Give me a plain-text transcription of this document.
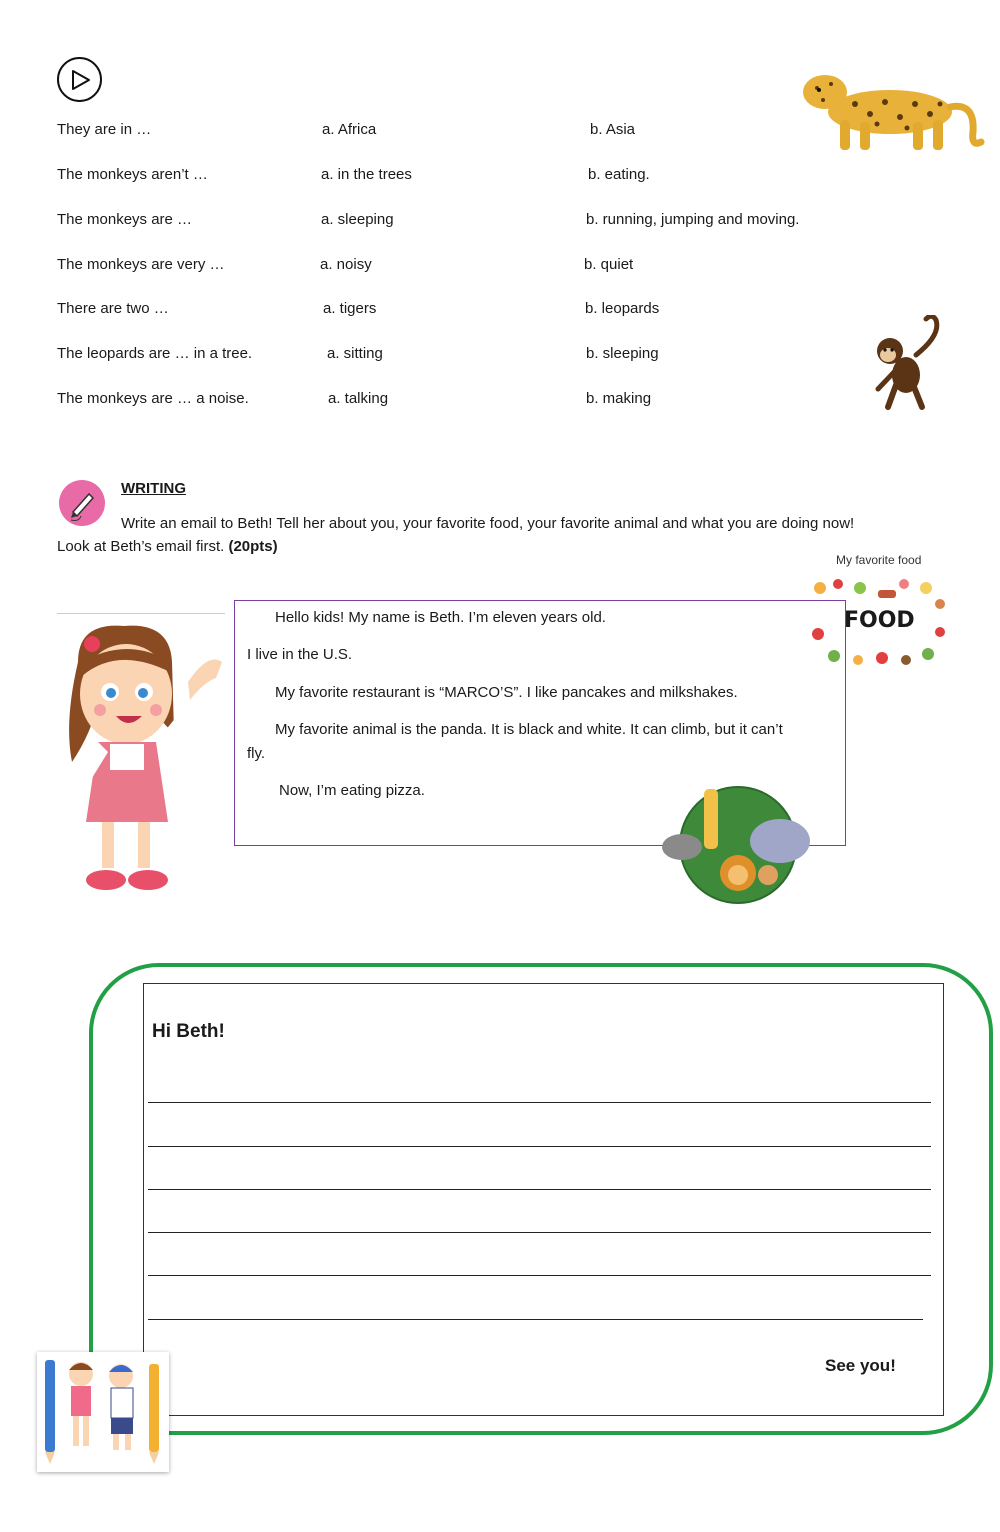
They are in …	a. Africa	b. Asia
The monkeys aren’t …	a. in the trees	b. eating.
The monkeys are …	a. sleeping	b. running, jumping and moving.
The monkeys are very …	a. noisy	b. quiet
There are two …	a. tigers	b. leopards
The leopards are … in a tree.	a. sitting	b. sleeping
The monkeys are … a noise.	a. talking	b. making
WRITING
Write an email to Beth! Tell her about you, your favorite food, your favorite animal and what you are doing now!
Look at Beth’s email first. (20pts)
My favorite food
FOOD
Hello kids! My name is Beth. I’m eleven years old.
I live in the U.S.
My favorite restaurant is “MARCO’S”. I like pancakes and milkshakes.
My favorite animal is the panda. It is black and white. It can climb, but it can’t
fly.
Now, I’m eating pizza.
Hi Beth!
See you!
